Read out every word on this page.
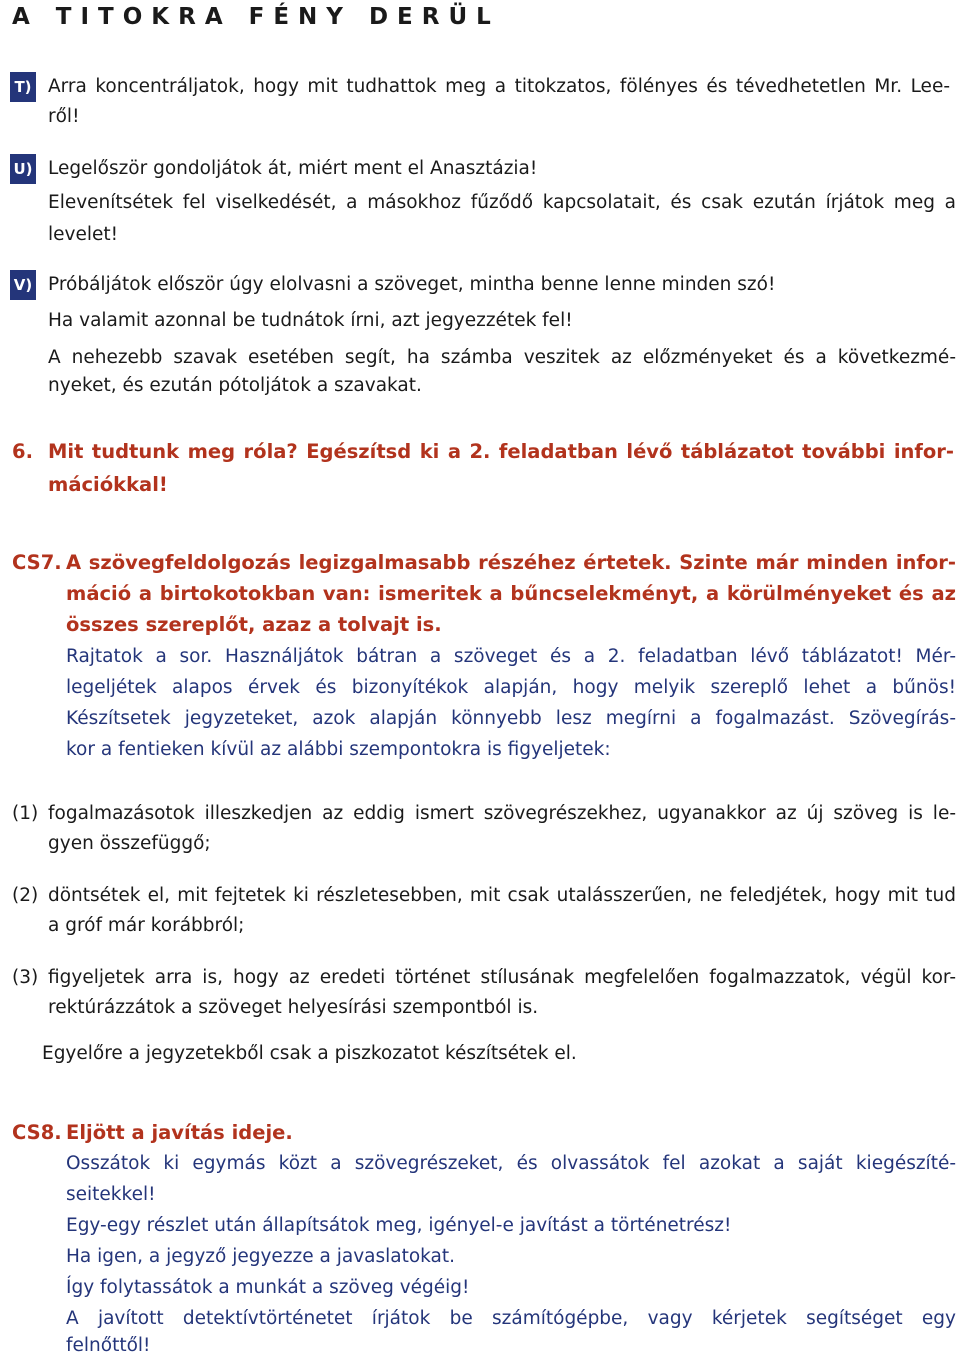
A TITOKRA FÉNY DERÜL
T) Arra koncentráljatok, hogy mit tudhattok meg a titokzatos, fölényes és tévedhetetlen Mr. Lee-
ről!
U) Legelőször gondoljátok át, miért ment el Anasztázia!
Elevenítsétek fel viselkedését, a másokhoz fűződő kapcsolatait, és csak ezután írjátok meg a
levelet!
V) Próbáljátok először úgy elolvasni a szöveget, mintha benne lenne minden szó!
Ha valamit azonnal be tudnátok írni, azt jegyezzétek fel!
A nehezebb szavak esetében segít, ha számba veszitek az előzményeket és a következmé-
nyeket, és ezután pótoljátok a szavakat.
6. Mit tudtunk meg róla? Egészítsd ki a 2. feladatban lévő táblázatot további infor-
mációkkal!
CS7. A szövegfeldolgozás legizgalmasabb részéhez értetek. Szinte már minden infor-
máció a birtokotokban van: ismeritek a bűncselekményt, a körülményeket és az
összes szereplőt, azaz a tolvajt is.
Rajtatok a sor. Használjátok bátran a szöveget és a 2. feladatban lévő táblázatot! Mér-
legeljétek alapos érvek és bizonyítékok alapján, hogy melyik szereplő lehet a bűnös!
Készítsetek jegyzeteket, azok alapján könnyebb lesz megírni a fogalmazást. Szövegírás-
kor a fentieken kívül az alábbi szempontokra is figyeljetek:
(1) fogalmazásotok illeszkedjen az eddig ismert szövegrészekhez, ugyanakkor az új szöveg is le-
gyen összefüggő;
(2) döntsétek el, mit fejtetek ki részletesebben, mit csak utalásszerűen, ne feledjétek, hogy mit tud
a gróf már korábbról;
(3) figyeljetek arra is, hogy az eredeti történet stílusának megfelelően fogalmazzatok, végül kor-
rektúrázzátok a szöveget helyesírási szempontból is.
Egyelőre a jegyzetekből csak a piszkozatot készítsétek el.
CS8. Eljött a javítás ideje.
Osszátok ki egymás közt a szövegrészeket, és olvassátok fel azokat a saját kiegészíté-
seitekkel!
Egy-egy részlet után állapítsátok meg, igényel-e javítást a történetrész!
Ha igen, a jegyző jegyezze a javaslatokat.
Így folytassátok a munkát a szöveg végéig!
A javított detektívtörténetet írjátok be számítógépbe, vagy kérjetek segítséget egy
felnőttől!
